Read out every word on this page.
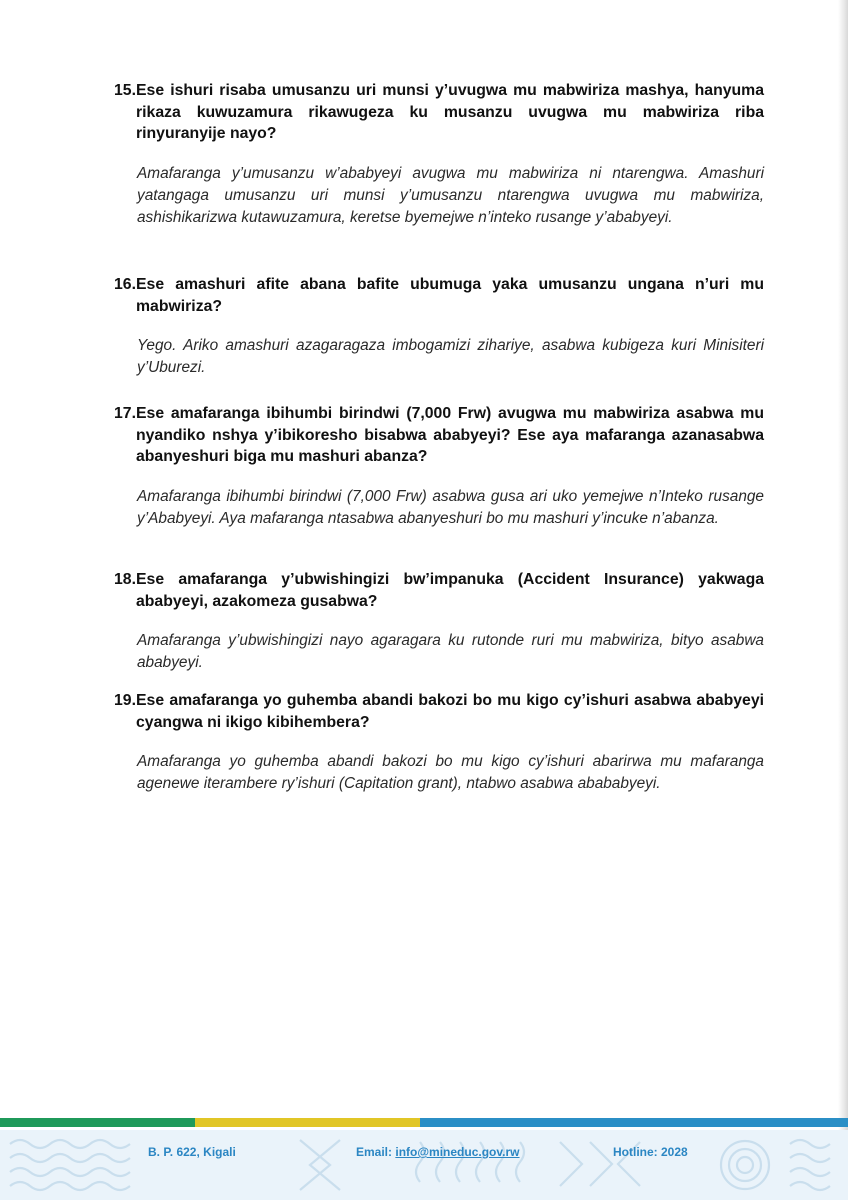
15. Ese ishuri risaba umusanzu uri munsi y’uvugwa mu mabwiriza mashya, hanyuma rikaza kuwuzamura rikawugeza ku musanzu uvugwa mu mabwiriza riba rinyuranyije nayo?
Amafaranga y’umusanzu w’ababyeyi avugwa mu mabwiriza ni ntarengwa. Amashuri yatangaga umusanzu uri munsi y’umusanzu ntarengwa uvugwa mu mabwiriza, ashishikarizwa kutawuzamura, keretse byemejwe n’inteko rusange y’ababyeyi.
16. Ese amashuri afite abana bafite ubumuga yaka umusanzu ungana n’uri mu mabwiriza?
Yego. Ariko amashuri azagaragaza imbogamizi zihariye, asabwa kubigeza kuri Minisiteri y’Uburezi.
17. Ese amafaranga ibihumbi birindwi (7,000 Frw) avugwa mu mabwiriza asabwa mu nyandiko nshya y’ibikoresho bisabwa ababyeyi? Ese aya mafaranga azanasabwa abanyeshuri biga mu mashuri abanza?
Amafaranga ibihumbi birindwi (7,000 Frw) asabwa gusa ari uko yemejwe n’Inteko rusange y’Ababyeyi. Aya mafaranga ntasabwa abanyeshuri bo mu mashuri y’incuke n’abanza.
18. Ese amafaranga y’ubwishingizi bw’impanuka (Accident Insurance) yakwaga ababyeyi, azakomeza gusabwa?
Amafaranga y’ubwishingizi nayo agaragara ku rutonde ruri mu mabwiriza, bityo asabwa ababyeyi.
19. Ese amafaranga yo guhemba abandi bakozi bo mu kigo cy’ishuri asabwa ababyeyi cyangwa ni ikigo kibihembera?
Amafaranga yo guhemba abandi bakozi bo mu kigo cy’ishuri abarirwa mu mafaranga agenewe iterambere ry’ishuri (Capitation grant), ntabwo asabwa abababyeyi.
B. P. 622, Kigali	Email: info@mineduc.gov.rw	Hotline: 2028
